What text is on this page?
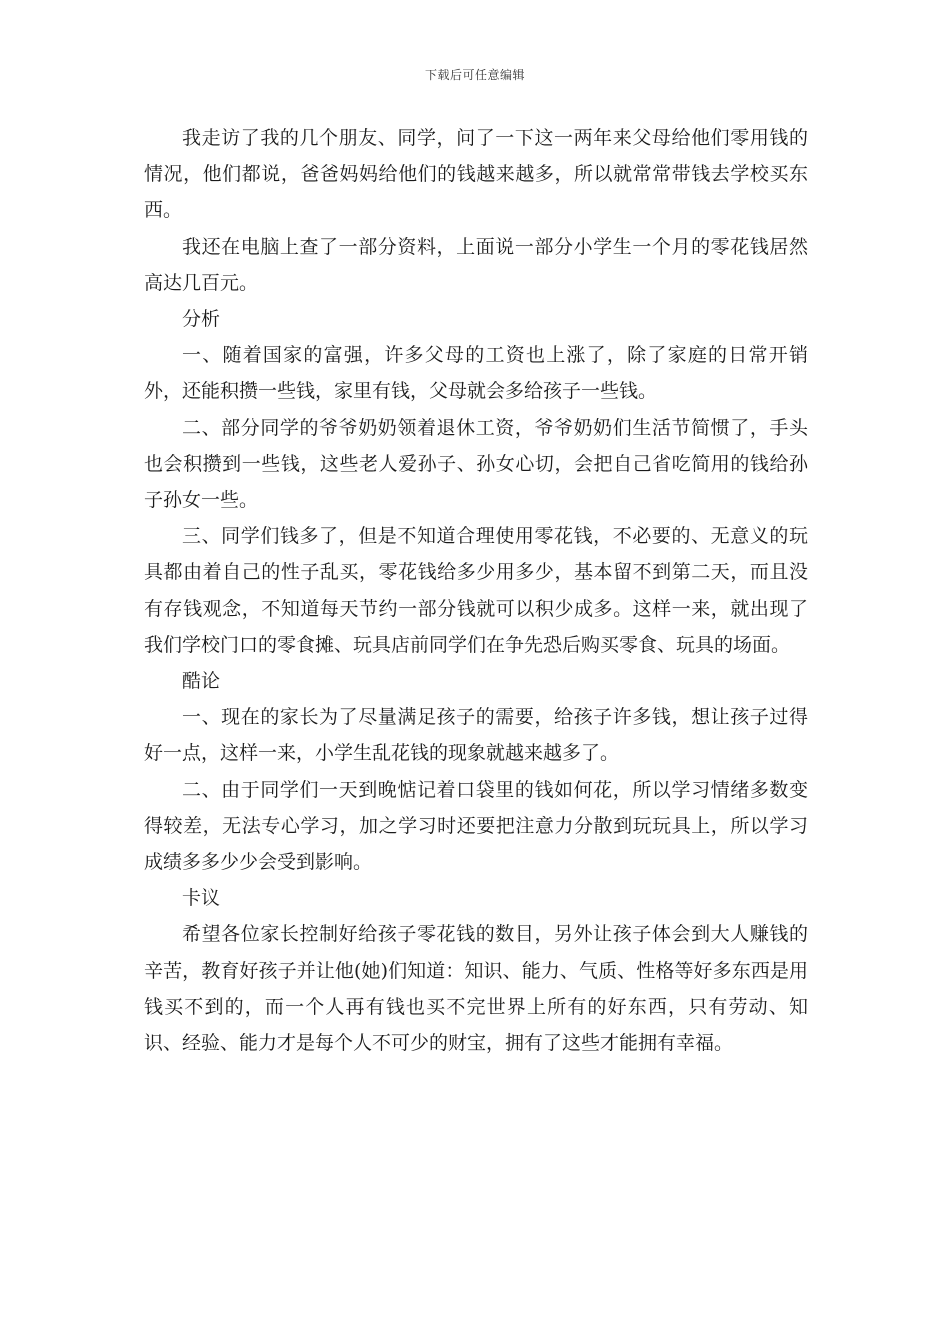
下载后可任意编辑

我走访了我的几个朋友、同学，问了一下这一两年来父母给他们零用钱的情况，他们都说，爸爸妈妈给他们的钱越来越多，所以就常常带钱去学校买东西。

我还在电脑上查了一部分资料，上面说一部分小学生一个月的零花钱居然高达几百元。

分析

一、随着国家的富强，许多父母的工资也上涨了，除了家庭的日常开销外，还能积攒一些钱，家里有钱，父母就会多给孩子一些钱。

二、部分同学的爷爷奶奶领着退休工资，爷爷奶奶们生活节简惯了，手头也会积攒到一些钱，这些老人爱孙子、孙女心切，会把自己省吃简用的钱给孙子孙女一些。

三、同学们钱多了，但是不知道合理使用零花钱，不必要的、无意义的玩具都由着自己的性子乱买，零花钱给多少用多少，基本留不到第二天，而且没有存钱观念，不知道每天节约一部分钱就可以积少成多。这样一来，就出现了我们学校门口的零食摊、玩具店前同学们在争先恐后购买零食、玩具的场面。

酷论

一、现在的家长为了尽量满足孩子的需要，给孩子许多钱，想让孩子过得好一点，这样一来，小学生乱花钱的现象就越来越多了。

二、由于同学们一天到晚惦记着口袋里的钱如何花，所以学习情绪多数变得较差，无法专心学习，加之学习时还要把注意力分散到玩玩具上，所以学习成绩多多少少会受到影响。

卡议

希望各位家长控制好给孩子零花钱的数目，另外让孩子体会到大人赚钱的辛苦，教育好孩子并让他(她)们知道：知识、能力、气质、性格等好多东西是用钱买不到的，而一个人再有钱也买不完世界上所有的好东西，只有劳动、知识、经验、能力才是每个人不可少的财宝，拥有了这些才能拥有幸福。
